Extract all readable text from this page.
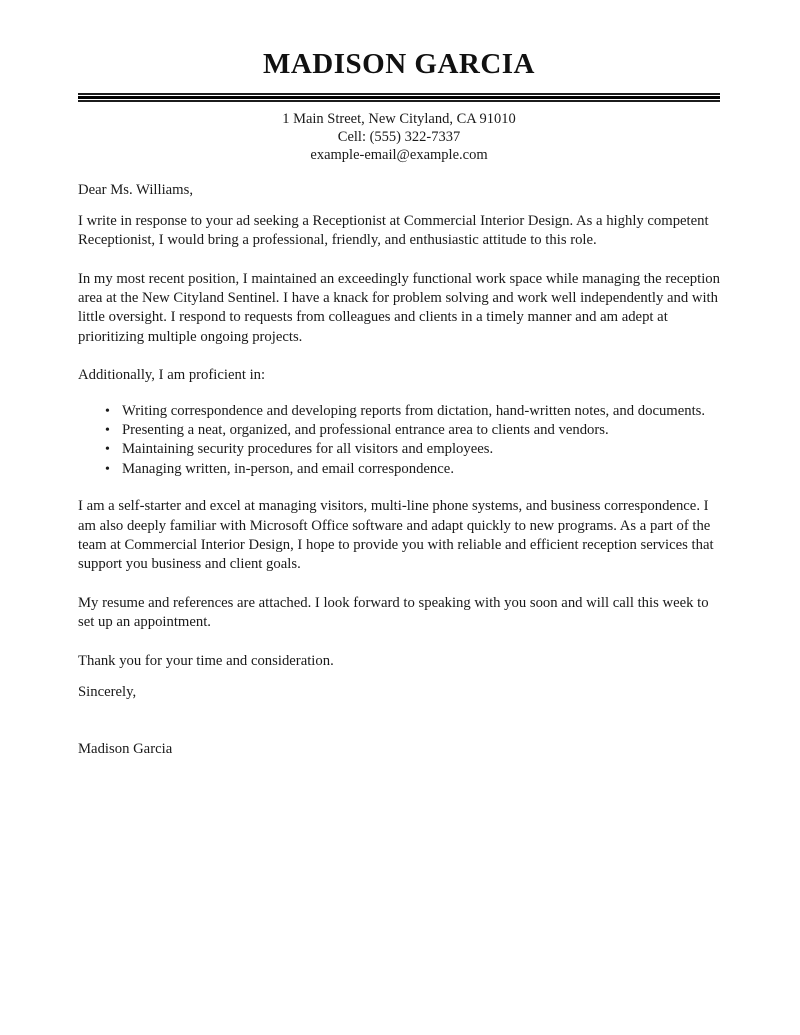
MADISON GARCIA
1 Main Street, New Cityland, CA 91010
Cell: (555) 322-7337
example-email@example.com

Dear Ms. Williams,

I write in response to your ad seeking a Receptionist at Commercial Interior Design. As a highly competent Receptionist, I would bring a professional, friendly, and enthusiastic attitude to this role.

In my most recent position, I maintained an exceedingly functional work space while managing the reception area at the New Cityland Sentinel. I have a knack for problem solving and work well independently and with little oversight. I respond to requests from colleagues and clients in a timely manner and am adept at prioritizing multiple ongoing projects.

Additionally, I am proficient in:

• Writing correspondence and developing reports from dictation, hand-written notes, and documents.
• Presenting a neat, organized, and professional entrance area to clients and vendors.
• Maintaining security procedures for all visitors and employees.
• Managing written, in-person, and email correspondence.

I am a self-starter and excel at managing visitors, multi-line phone systems, and business correspondence. I am also deeply familiar with Microsoft Office software and adapt quickly to new programs. As a part of the team at Commercial Interior Design, I hope to provide you with reliable and efficient reception services that support you business and client goals.

My resume and references are attached. I look forward to speaking with you soon and will call this week to set up an appointment.

Thank you for your time and consideration.

Sincerely,

Madison Garcia
